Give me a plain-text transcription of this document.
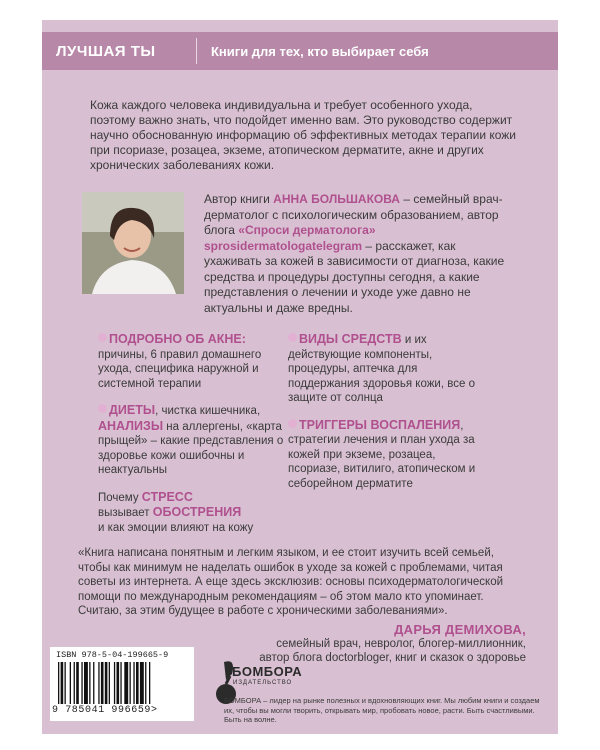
ЛУЧШАЯ ТЫ	Книги для тех, кто выбирает себя
Кожа каждого человека индивидуальна и требует особенного ухода, поэтому важно знать, что подойдет именно вам. Это руководство содержит научно обоснованную информацию об эффективных методах терапии кожи при псориазе, розацеа, экземе, атопическом дерматите, акне и других хронических заболеваниях кожи.
Автор книги АННА БОЛЬШАКОВА – семейный врач-дерматолог с психологическим образованием, автор блога «Спроси дерматолога» sprosidermatologatelegram – расскажет, как ухаживать за кожей в зависимости от диагноза, какие средства и процедуры доступны сегодня, а какие представления о лечении и уходе уже давно не актуальны и даже вредны.
ПОДРОБНО ОБ АКНЕ:
причины, 6 правил домашнего ухода, специфика наружной и системной терапии
ДИЕТЫ, чистка кишечника,
АНАЛИЗЫ на аллергены, «карта прыщей» – какие представления о здоровье кожи ошибочны и неактуальны
Почему СТРЕСС
вызывает ОБОСТРЕНИЯ
и как эмоции влияют на кожу
ВИДЫ СРЕДСТВ и их
действующие компоненты, процедуры, аптечка для поддержания здоровья кожи, все о защите от солнца
ТРИГГЕРЫ ВОСПАЛЕНИЯ,
стратегии лечения и план ухода за кожей при экземе, розацеа, псориазе, витилиго, атопическом и себорейном дерматите
«Книга написана понятным и легким языком, и ее стоит изучить всей семьей, чтобы как минимум не наделать ошибок в уходе за кожей с проблемами, читая советы из интернета. А еще здесь эксклюзив: основы психодерматологической помощи по международным рекомендациям – об этом мало кто упоминает. Считаю, за этим будущее в работе с хроническими заболеваниями».
ДАРЬЯ ДЕМИХОВА,
семейный врач, невролог, блогер-миллионник,
автор блога doctorbloger, книг и сказок о здоровье
ISBN 978-5-04-199665-9
9 785041 996659>
БОМБОРА
ИЗДАТЕЛЬСТВО
БОМБОРА – лидер на рынке полезных и вдохновляющих книг. Мы любим книги и создаем их, чтобы вы могли творить, открывать мир, пробовать новое, расти. Быть счастливыми. Быть на волне.
